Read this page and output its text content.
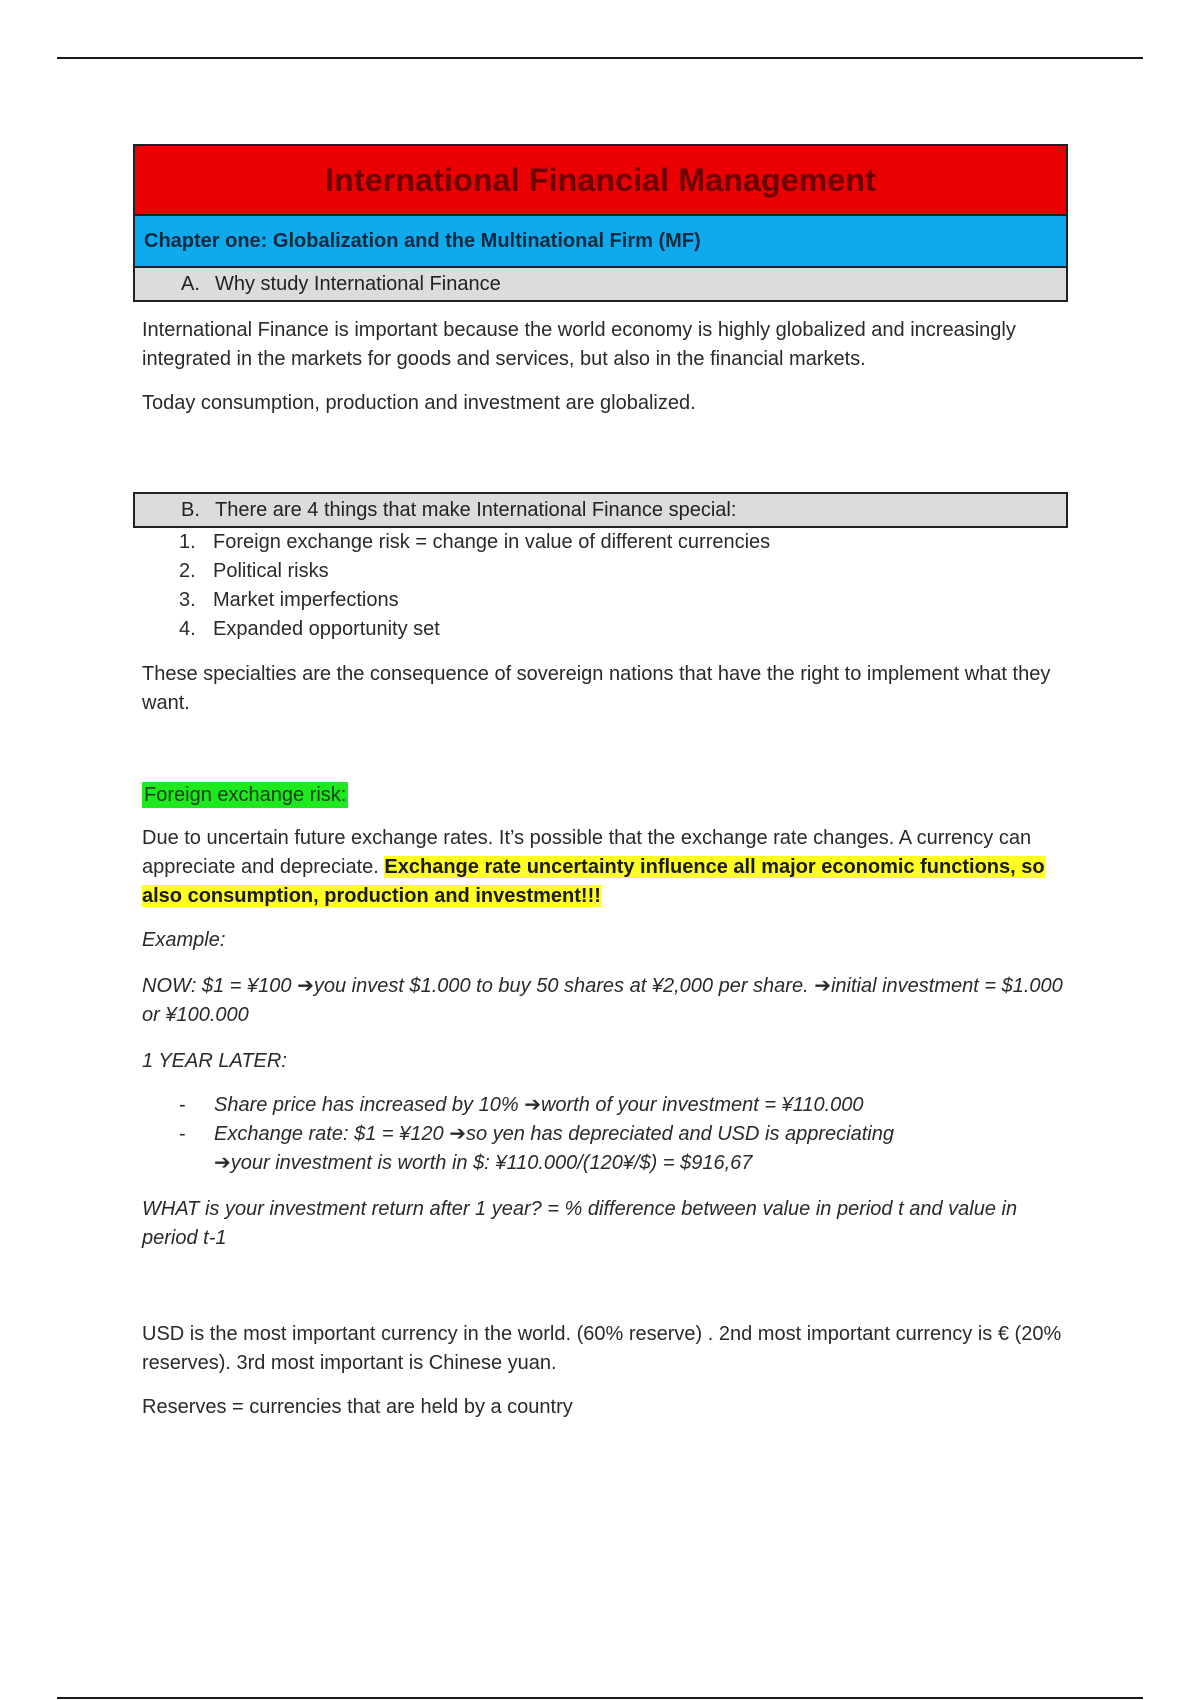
International Financial Management
Chapter one: Globalization and the Multinational Firm (MF)
A. Why study International Finance

International Finance is important because the world economy is highly globalized and increasingly integrated in the markets for goods and services, but also in the financial markets.

Today consumption, production and investment are globalized.

B. There are 4 things that make International Finance special:
1. Foreign exchange risk = change in value of different currencies
2. Political risks
3. Market imperfections
4. Expanded opportunity set

These specialties are the consequence of sovereign nations that have the right to implement what they want.

Foreign exchange risk:

Due to uncertain future exchange rates. It’s possible that the exchange rate changes. A currency can appreciate and depreciate. Exchange rate uncertainty influence all major economic functions, so also consumption, production and investment!!!

Example:

NOW: $1 = ¥100 ➔you invest $1.000 to buy 50 shares at ¥2,000 per share. ➔initial investment = $1.000 or ¥100.000

1 YEAR LATER:

- Share price has increased by 10% ➔worth of your investment = ¥110.000
- Exchange rate: $1 = ¥120 ➔so yen has depreciated and USD is appreciating
➔your investment is worth in $: ¥110.000/(120¥/$) = $916,67

WHAT is your investment return after 1 year? = % difference between value in period t and value in period t-1

USD is the most important currency in the world. (60% reserve) . 2nd most important currency is € (20% reserves). 3rd most important is Chinese yuan.

Reserves = currencies that are held by a country
